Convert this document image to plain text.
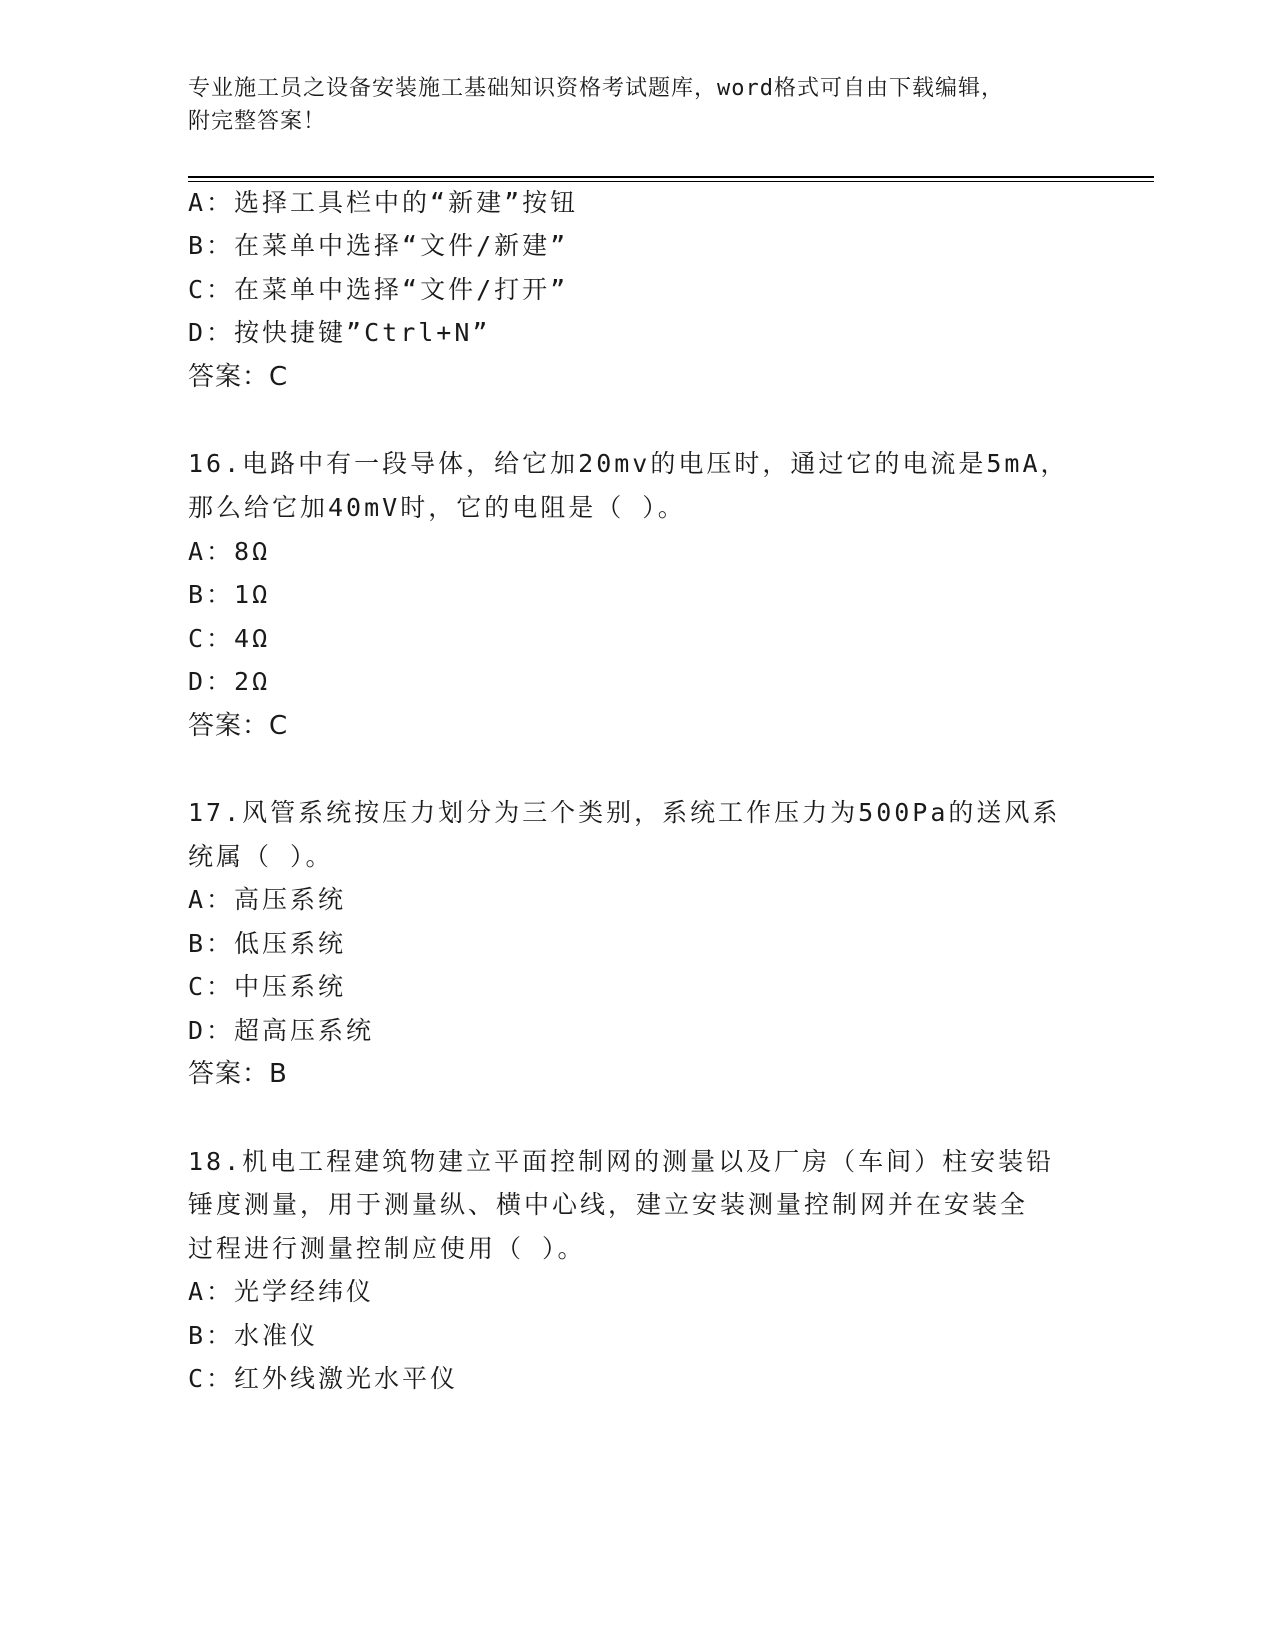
专业施工员之设备安装施工基础知识资格考试题库，word格式可自由下载编辑，
附完整答案！
A：选择工具栏中的“新建”按钮
B：在菜单中选择“文件/新建”
C：在菜单中选择“文件/打开”
D：按快捷键”Ctrl+N”
答案：C
16.电路中有一段导体，给它加20mv的电压时，通过它的电流是5mA，
那么给它加40mV时，它的电阻是（ ）。
A：8Ω
B：1Ω
C：4Ω
D：2Ω
答案：C
17.风管系统按压力划分为三个类别，系统工作压力为500Pa的送风系
统属（ ）。
A：高压系统
B：低压系统
C：中压系统
D：超高压系统
答案：B
18.机电工程建筑物建立平面控制网的测量以及厂房（车间）柱安装铅
锤度测量，用于测量纵、横中心线，建立安装测量控制网并在安装全
过程进行测量控制应使用（ ）。
A：光学经纬仪
B：水准仪
C：红外线激光水平仪
